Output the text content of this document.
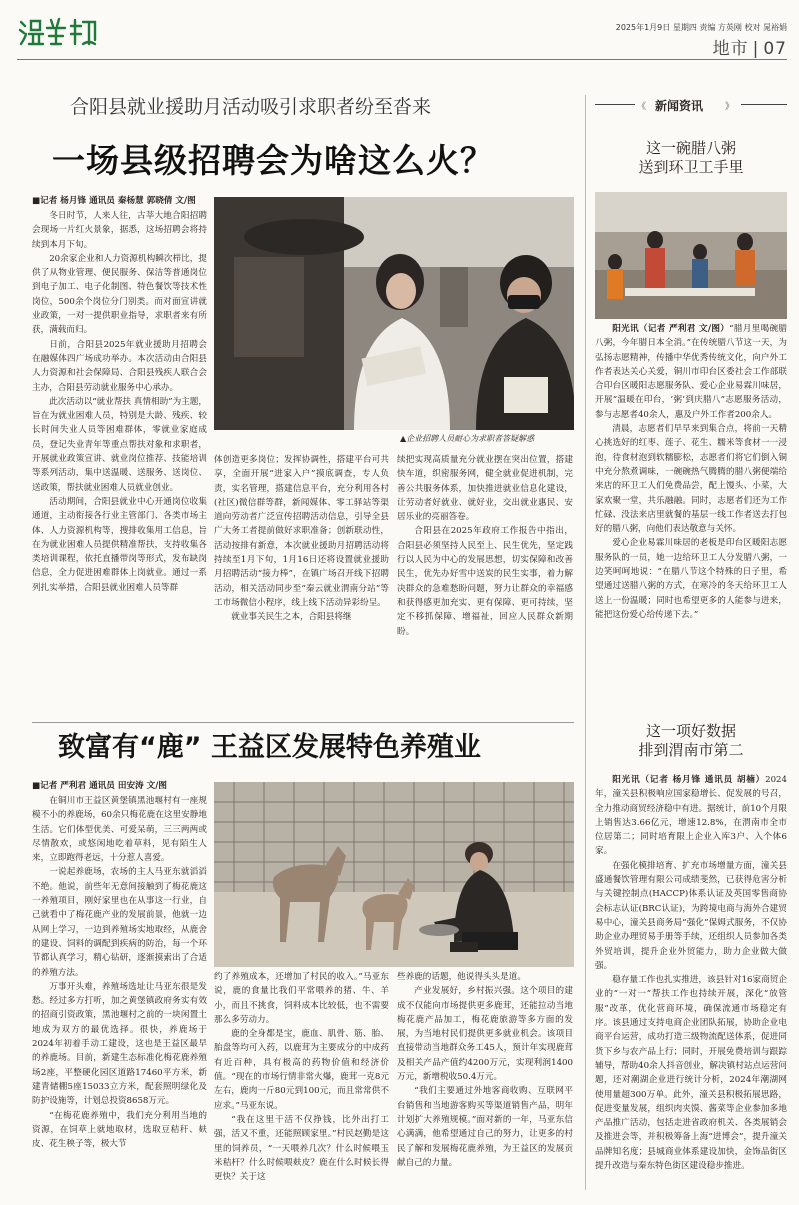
2025年1月9日 星期四 责编 方英刚 校对 晁裕娟
地市 | 07
合阳县就业援助月活动吸引求职者纷至沓来
一场县级招聘会为啥这么火？
▲企业招聘人员耐心为求职者答疑解惑
■记者 杨月锋 通讯员 秦杨慧 郭晓倩 文/图

冬日时节，人来人往，古莘大地合阳招聘会现场一片红火景象，据悉，这场招聘会将持续到本月下旬。

20余家企业和人力资源机构瞬次栉比，提供了从物业管理、便民服务、保洁等普通岗位到电子加工、电子化制图、特色餐饮等技术性岗位，500余个岗位分门别类。而对面宣讲就业政策，一对一提供职业指导，求职者来有所获，满载而归。

日前，合阳县2025年就业援助月招聘会在融媒体四广场成功举办。本次活动由合阳县人力资源和社会保障局、合阳县残疾人联合会主办，合阳县劳动就业服务中心承办。

此次活动以“就业帮扶 真情相助”为主题，旨在为就业困难人员，特别是大龄、残疾、较长时间失业人员等困难群体，零就业家庭成员，登记失业青年等重点帮扶对象和求职者，开展就业政策宣讲、就业岗位推荐、技能培训等系列活动，集中送温暖、送服务、送岗位、送政策，帮扶就业困难人员就业创业。

活动期间，合阳县就业中心开通岗位收集通道，主动衔接各行业主管部门、各类市场主体、人力资源机构等，搜排收集用工信息，旨在为就业困难人员提供精准帮扶，支持收集各类培训课程，依托直播带岗等形式，发布缺岗信息，全力促进困难群体上岗就业。通过一系列扎实举措，合阳县就业困难人员等群

体创造更多岗位；发挥协调性，搭建平台可共享，全面开展“进家入户”摸底调查，专人负责，实名管理，搭建信息平台，充分利用各村(社区)微信群等群，新闻媒体、零工驿站等渠道向劳动者广泛宣传招聘活动信息，引导全县广大务工者提前做好求职准备；创新联动性，活动按排有新意，本次就业援助月招聘活动将持续至1月下旬，1月16日还将设置就业援助月招聘活动“接力棒”，在镇广场召开线下招聘活动，相关活动同步至“秦云就业渭南分站”等工市场微信小程序，线上线下活动异彩纷呈。

就业事关民生之本，合阳县将继

续把实现高质量充分就业摆在突出位置，搭建快车道，织密服务网，健全就业促进机制，完善公共服务体系，加快推进就业信息化建设，让劳动者好就业、就好业，交出就业惠民、安居乐业的亮丽答卷。

合阳县在2025年政府工作报告中指出，合阳县必须坚持人民至上、民生优先，坚定践行以人民为中心的发展思想，切实保障和改善民生，优先办好雪中送炭的民生实事，着力解决群众的急难愁盼问题，努力让群众的幸福感和获得感更加充实、更有保障、更可持续，坚定不移抓保障、增福祉，回应人民群众新期盼。

致富有“鹿” 王益区发展特色养殖业
■记者 严利君 通讯员 田安涛 文/图

在铜川市王益区黄堡镇黑池堰村有一座规模不小的养鹿场，60余只梅花鹿在这里安静地生活。它们体型优美、可爱呆萌，三三两两或尽情散欢，或悠闲地吃着草料，见有陌生人来，立即跑得老远，十分惹人喜爱。

一说起养鹿场，农场的主人马亚东就滔滔不绝。他说，前些年无意间接触到了梅花鹿这一养殖项目，刚好家里也在从事这一行业，自己就看中了梅花鹿产业的发展前景，他就一边从网上学习，一边到养殖场实地取经，从鹿舍的建设、饲料的调配到疾病的防治，每一个环节都认真学习，精心钻研，逐渐摸索出了合适的养殖方法。

万事开头难，养殖场选址让马亚东很是发愁。经过多方打听，加之黄堡镇政府务实有效的招商引资政策，黑池堰村之前的一块闲置土地成为双方的最优选择。很快，养鹿场于2024年初着手动工建设，这也是王益区最早的养鹿场。目前，新建生态标准化梅花鹿养殖场2座，平整硬化园区道路17460平方米，新建青储棚5座15033立方米，配套照明绿化及防护设施等，计划总投资8658万元。

“在梅花鹿养殖中，我们充分利用当地的资源，在饲草上就地取材，选取豆秸秆、麸皮、花生秧子等，极大节

约了养殖成本，还增加了村民的收入。”马亚东说，鹿的食量比我们平常喂养的猪、牛、羊小，而且不挑食，饲料成本比较低，也不需要那么多劳动力。

鹿的全身都是宝，鹿血、肌骨、筋、胎、胎盘等均可入药，以鹿茸为主要成分的中成药有近百种，具有极高的药物价值和经济价值。“现在的市场行情非常火爆，鹿茸一克8元左右，鹿肉一斤80元到100元，而且常常供不应求。”马亚东说。

“我在这里干活不仅挣钱，比外出打工强，活又不重，还能照顾家里。”村民赵勤是这里的饲养员，“一天喂养几次？什么时候喂玉米秸杆？什么时候喂麸皮？鹿在什么时候长得更快？关于这

些养鹿的话题，他说得头头是道。

产业发展好，乡村振兴强。这个项目的建成不仅能向市场提供更多鹿茸，还能拉动当地梅花鹿产品加工，梅花鹿旅游等多方面的发展，为当地村民们提供更多就业机会。该项目直接带动当地群众务工45人，预计年实现鹿茸及相关产品产值约4200万元，实现利润1400万元，新增税收50.4万元。

“我们主要通过外地客商收购、互联网平台销售和当地游客购买等渠道销售产品，明年计划扩大养殖规模。”面对新的一年，马亚东信心满满，他希望通过自己的努力，让更多的村民了解和发展梅花鹿养殖，为王益区的发展贡献自己的力量。

《 新闻资讯 》
这一碗腊八粥
送到环卫工手里

阳光讯（记者 严利君 文/图）“腊月里喝碗腊八粥，今年腊日本全消。”在传统腊八节这一天，为弘扬志愿精神，传播中华优秀传统文化，向户外工作者表达关心关爱，铜川市印台区委社会工作部联合印台区暖阳志愿服务队、爱心企业易霖川味居，开展“温暖在印台，‘粥’到庆腊八”志愿服务活动，参与志愿者40余人，惠及户外工作者200余人。

清晨，志愿者们早早来到集合点，将前一天精心挑选好的红枣、莲子、花生、糯米等食材一一浸泡，待食材泡到软糯膨松，志愿者们将它们倒入铜中充分熬煮调味，一碗碗热气腾腾的腊八粥便端给来店的环卫工人们免费品尝，配上馒头、小菜，大家欢聚一堂，共乐融融。同时，志愿者们还为工作忙碌、没法来店里就餐的基层一线工作者送去打包好的腊八粥，向他们表达敬意与关怀。

爱心企业易霖川味居的老板是印台区暖阳志愿服务队的一员，她一边给环卫工人分发腊八粥，一边笑呵呵地说：“在腊八节这个特殊的日子里，希望通过送腊八粥的方式，在寒冷的冬天给环卫工人送上一份温暖；同时也希望更多的人能参与进来，能把这份爱心给传递下去。”

这一项好数据
排到渭南市第二

阳光讯（记者 杨月锋 通讯员 胡楠）2024年，潼关县积极响应国家稳增长、促发展的号召，全力推动商贸经济稳中有进。据统计，前10个月限上销售达3.66亿元，增速12.8%，在渭南市全市位居第二；同时培育限上企业入库3户、入个体6家。

在强化模排培育、扩充市场增量方面，潼关县盛通餐饮管理有限公司成绩斐然，已获得危害分析与关键控制点(HACCP)体系认证及英国零售商协会标志认证(BRC认证)，为跨境电商与海外合建贸易中心，潼关县商务局“强化”保姆式服务，不仅协助企业办理贸易手册等手续，还组织人员参加各类外贸培训，提升企业外贸能力，助力企业做大做强。

稳存量工作也扎实推进，该县针对16家商贸企业的“一对一”帮扶工作也持续开展，深化“放管服”改革，优化营商环境，确保流通市场稳定有序。该县通过支持电商企业团队拓展，协助企业电商平台运营，成功打造三级物流配送体系，促进同货下乡与农产品上行；同时，开展免费培训与跟踪辅导，帮助40余人抖音创业，解决镇村站点运营问题，还对潮湖企业进行统计分析，2024年潮湖网使用量超300万单。此外，潼关县积极拓展思路，促进变量发展，组织肉夹馍、酱菜等企业参加多地产品推广活动，包括走进省政府机关、各类展销会及推进会等，并积极筹备上海“进博会”，提升潼关品牌知名度；县城商业体系建设加快，金饰品街区提升改造与秦东特色街区建设稳步推进。
